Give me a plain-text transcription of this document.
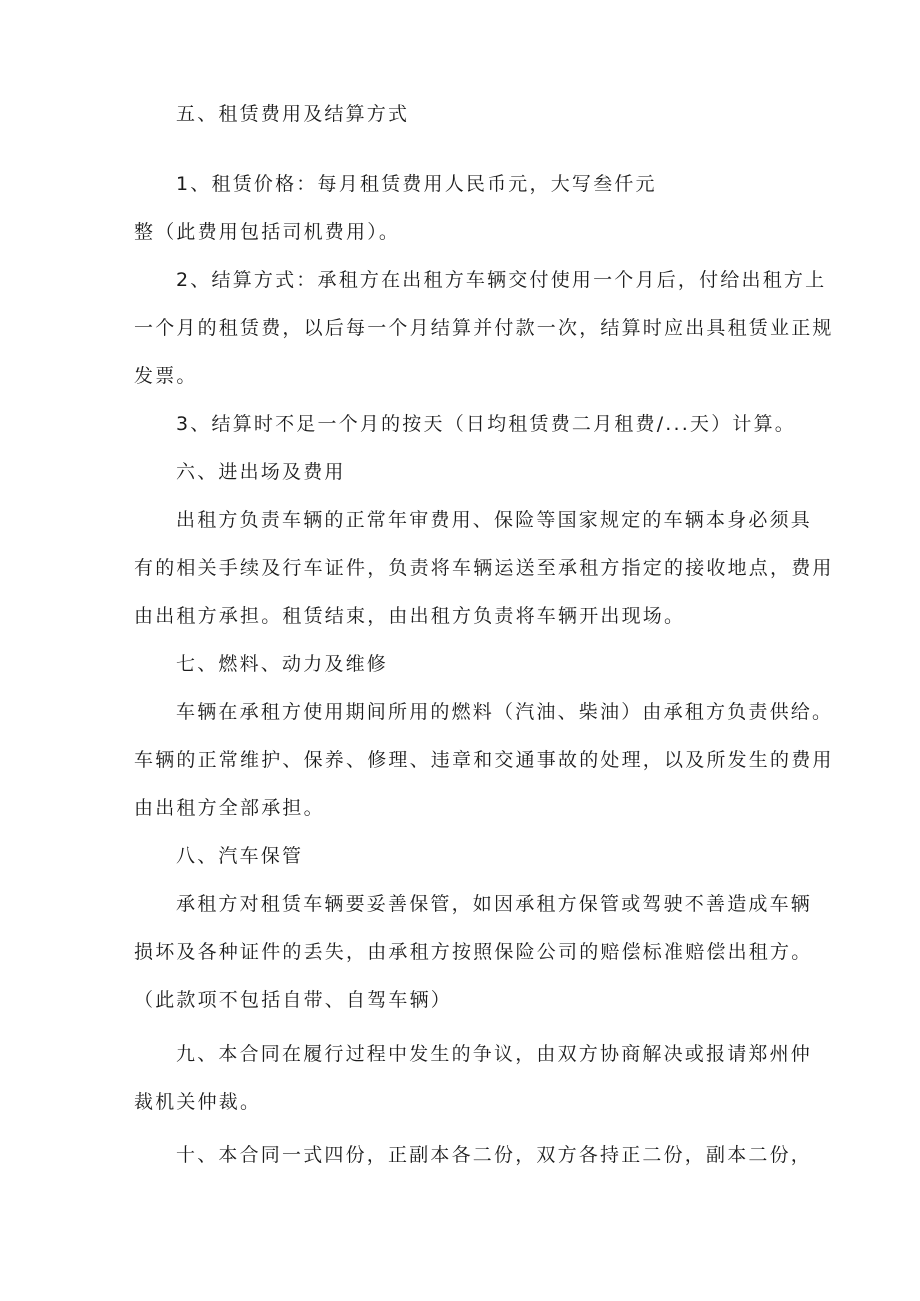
五、租赁费用及结算方式
1、租赁价格：每月租赁费用人民币元，大写叁仟元
整（此费用包括司机费用）。
2、结算方式：承租方在出租方车辆交付使用一个月后，付给出租方上
一个月的租赁费，以后每一个月结算并付款一次，结算时应出具租赁业正规
发票。
3、结算时不足一个月的按天（日均租赁费二月租费/...天）计算。
六、进出场及费用
出租方负责车辆的正常年审费用、保险等国家规定的车辆本身必须具
有的相关手续及行车证件，负责将车辆运送至承租方指定的接收地点，费用
由出租方承担。租赁结束，由出租方负责将车辆开出现场。
七、燃料、动力及维修
车辆在承租方使用期间所用的燃料（汽油、柴油）由承租方负责供给。
车辆的正常维护、保养、修理、违章和交通事故的处理，以及所发生的费用
由出租方全部承担。
八、汽车保管
承租方对租赁车辆要妥善保管，如因承租方保管或驾驶不善造成车辆
损坏及各种证件的丢失，由承租方按照保险公司的赔偿标准赔偿出租方。
（此款项不包括自带、自驾车辆）
九、本合同在履行过程中发生的争议，由双方协商解决或报请郑州仲
裁机关仲裁。
十、本合同一式四份，正副本各二份，双方各持正二份，副本二份，
